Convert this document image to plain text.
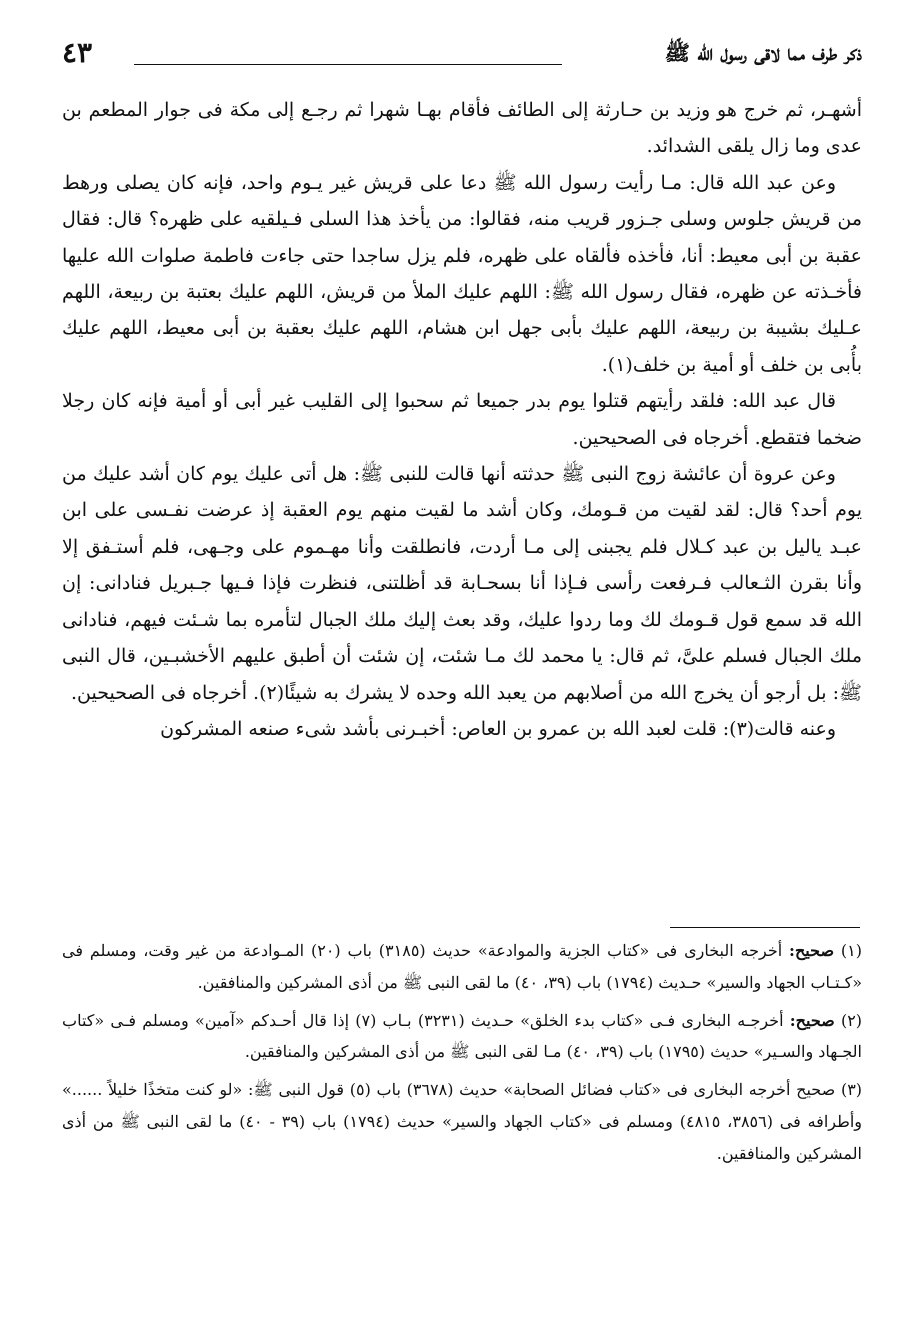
ذكر طرف مما لاقى رسول الله ﷺ
٤٣

أشهـر، ثم خرج هو وزيد بن حـارثة إلى الطائف فأقام بهـا شهرا ثم رجـع إلى مكة فى جوار المطعم بن عدى وما زال يلقى الشدائد.

وعن عبد الله قال: مـا رأيت رسول الله ﷺ دعا على قريش غير يـوم واحد، فإنه كان يصلى ورهط من قريش جلوس وسلى جـزور قريب منه، فقالوا: من يأخذ هذا السلى فـيلقيه على ظهره؟ قال: فقال عقبة بن أبى معيط: أنا، فأخذه فألقاه على ظهره، فلم يزل ساجدا حتى جاءت فاطمة صلوات الله عليها فأخـذته عن ظهره، فقال رسول الله ﷺ: اللهم عليك الملأ من قريش، اللهم عليك بعتبة بن ربيعة، اللهم عـليك بشيبة بن ربيعة، اللهم عليك بأبى جهل ابن هشام، اللهم عليك بعقبة بن أبى معيط، اللهم عليك بأُبى بن خلف أو أمية بن خلف(١).

قال عبد الله: فلقد رأيتهم قتلوا يوم بدر جميعا ثم سحبوا إلى القليب غير أبى أو أمية فإنه كان رجلا ضخما فتقطع. أخرجاه فى الصحيحين.

وعن عروة أن عائشة زوج النبى ﷺ حدثته أنها قالت للنبى ﷺ: هل أتى عليك يوم كان أشد عليك من يوم أحد؟ قال: لقد لقيت من قـومك، وكان أشد ما لقيت منهم يوم العقبة إذ عرضت نفـسى على ابن عبـد ياليل بن عبد كـلال فلم يجبنى إلى مـا أردت، فانطلقت وأنا مهـموم على وجـهى، فلم أستـفق إلا وأنا بقرن الثـعالب فـرفعت رأسى فـإذا أنا بسحـابة قد أظلتنى، فنظرت فإذا فـيها جـبريل فنادانى: إن الله قد سمع قول قـومك لك وما ردوا عليك، وقد بعث إليك ملك الجبال لتأمره بما شـئت فيهم، فنادانى ملك الجبال فسلم علىَّ، ثم قال: يا محمد لك مـا شئت، إن شئت أن أطبق عليهم الأخشبـين، قال النبى ﷺ: بل أرجو أن يخرج الله من أصلابهم من يعبد الله وحده لا يشرك به شيئًا(٢). أخرجاه فى الصحيحين.

وعنه قالت(٣): قلت لعبد الله بن عمرو بن العاص: أخبـرنى بأشد شىء صنعه المشركون

(١) صحيح: أخرجه البخارى فى «كتاب الجزية والموادعة» حديث (٣١٨٥) باب (٢٠) المـوادعة من غير وقت، ومسلم فى «كـتـاب الجهاد والسير» حـديث (١٧٩٤) باب (٣٩، ٤٠) ما لقى النبى ﷺ من أذى المشركين والمنافقين.

(٢) صحيح: أخرجـه البخارى فـى «كتاب بدء الخلق» حـديث (٣٢٣١) بـاب (٧) إذا قال أحـدكم «آمين» ومسلم فـى «كتاب الجـهاد والسـير» حديث (١٧٩٥) باب (٣٩، ٤٠) مـا لقى النبى ﷺ من أذى المشركين والمنافقين.

(٣) صحيح أخرجه البخارى فى «كتاب فضائل الصحابة» حديث (٣٦٧٨) باب (٥) قول النبى ﷺ: «لو كنت متخذًا خليلاً ......» وأطرافه فى (٣٨٥٦، ٤٨١٥) ومسلم فى «كتاب الجهاد والسير» حديث (١٧٩٤) باب (٣٩ - ٤٠) ما لقى النبى ﷺ من أذى المشركين والمنافقين.
